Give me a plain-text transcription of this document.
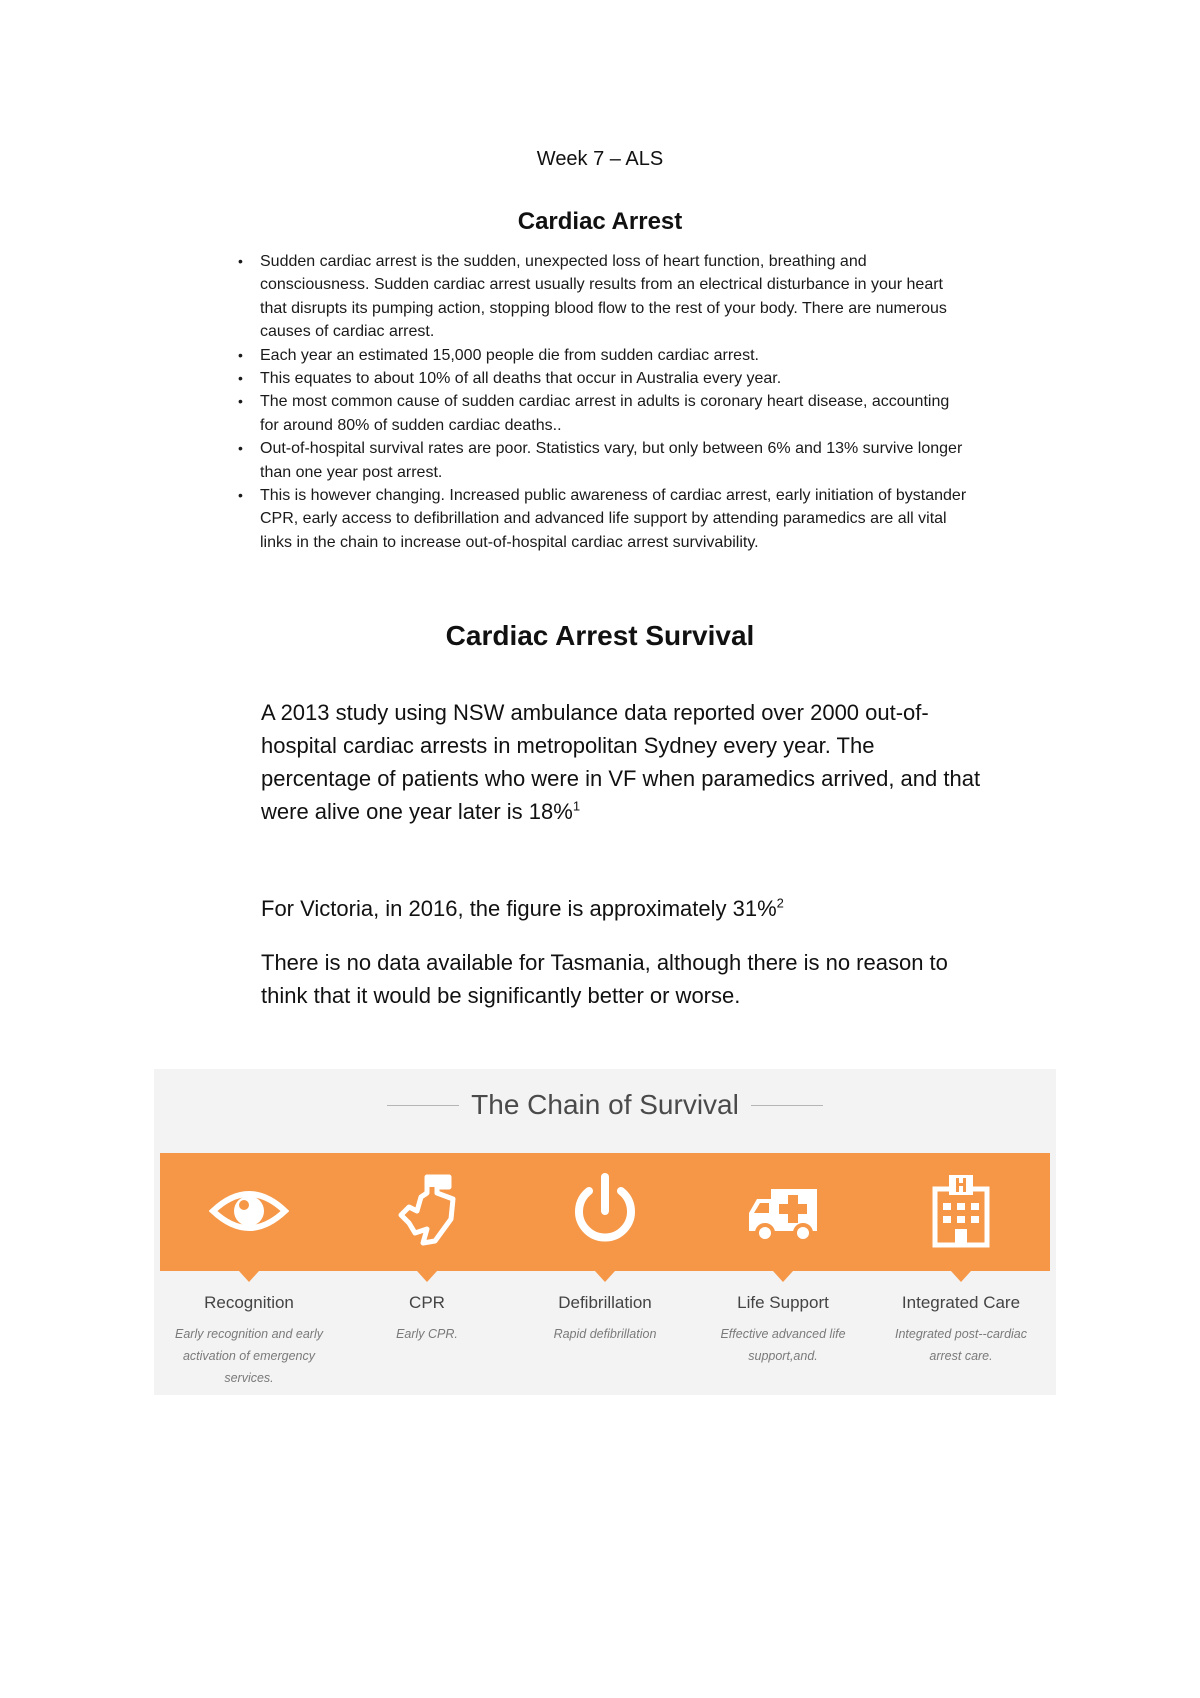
Week 7 – ALS
Cardiac Arrest
• Sudden cardiac arrest is the sudden, unexpected loss of heart function, breathing and consciousness. Sudden cardiac arrest usually results from an electrical disturbance in your heart that disrupts its pumping action, stopping blood flow to the rest of your body. There are numerous causes of cardiac arrest.
• Each year an estimated 15,000 people die from sudden cardiac arrest.
• This equates to about 10% of all deaths that occur in Australia every year.
• The most common cause of sudden cardiac arrest in adults is coronary heart disease, accounting for around 80% of sudden cardiac deaths..
• Out-of-hospital survival rates are poor. Statistics vary, but only between 6% and 13% survive longer than one year post arrest.
• This is however changing. Increased public awareness of cardiac arrest, early initiation of bystander CPR, early access to defibrillation and advanced life support by attending paramedics are all vital links in the chain to increase out-of-hospital cardiac arrest survivability.
Cardiac Arrest Survival
A 2013 study using NSW ambulance data reported over 2000 out-of-hospital cardiac arrests in metropolitan Sydney every year. The percentage of patients who were in VF when paramedics arrived, and that were alive one year later is 18%$^1$
For Victoria, in 2016, the figure is approximately 31%$^2$
There is no data available for Tasmania, although there is no reason to think that it would be significantly better or worse.
The Chain of Survival
Recognition
Early recognition and early activation of emergency services.
CPR
Early CPR.
Defibrillation
Rapid defibrillation
Life Support
Effective advanced life support,and.
Integrated Care
Integrated post--cardiac arrest care.
